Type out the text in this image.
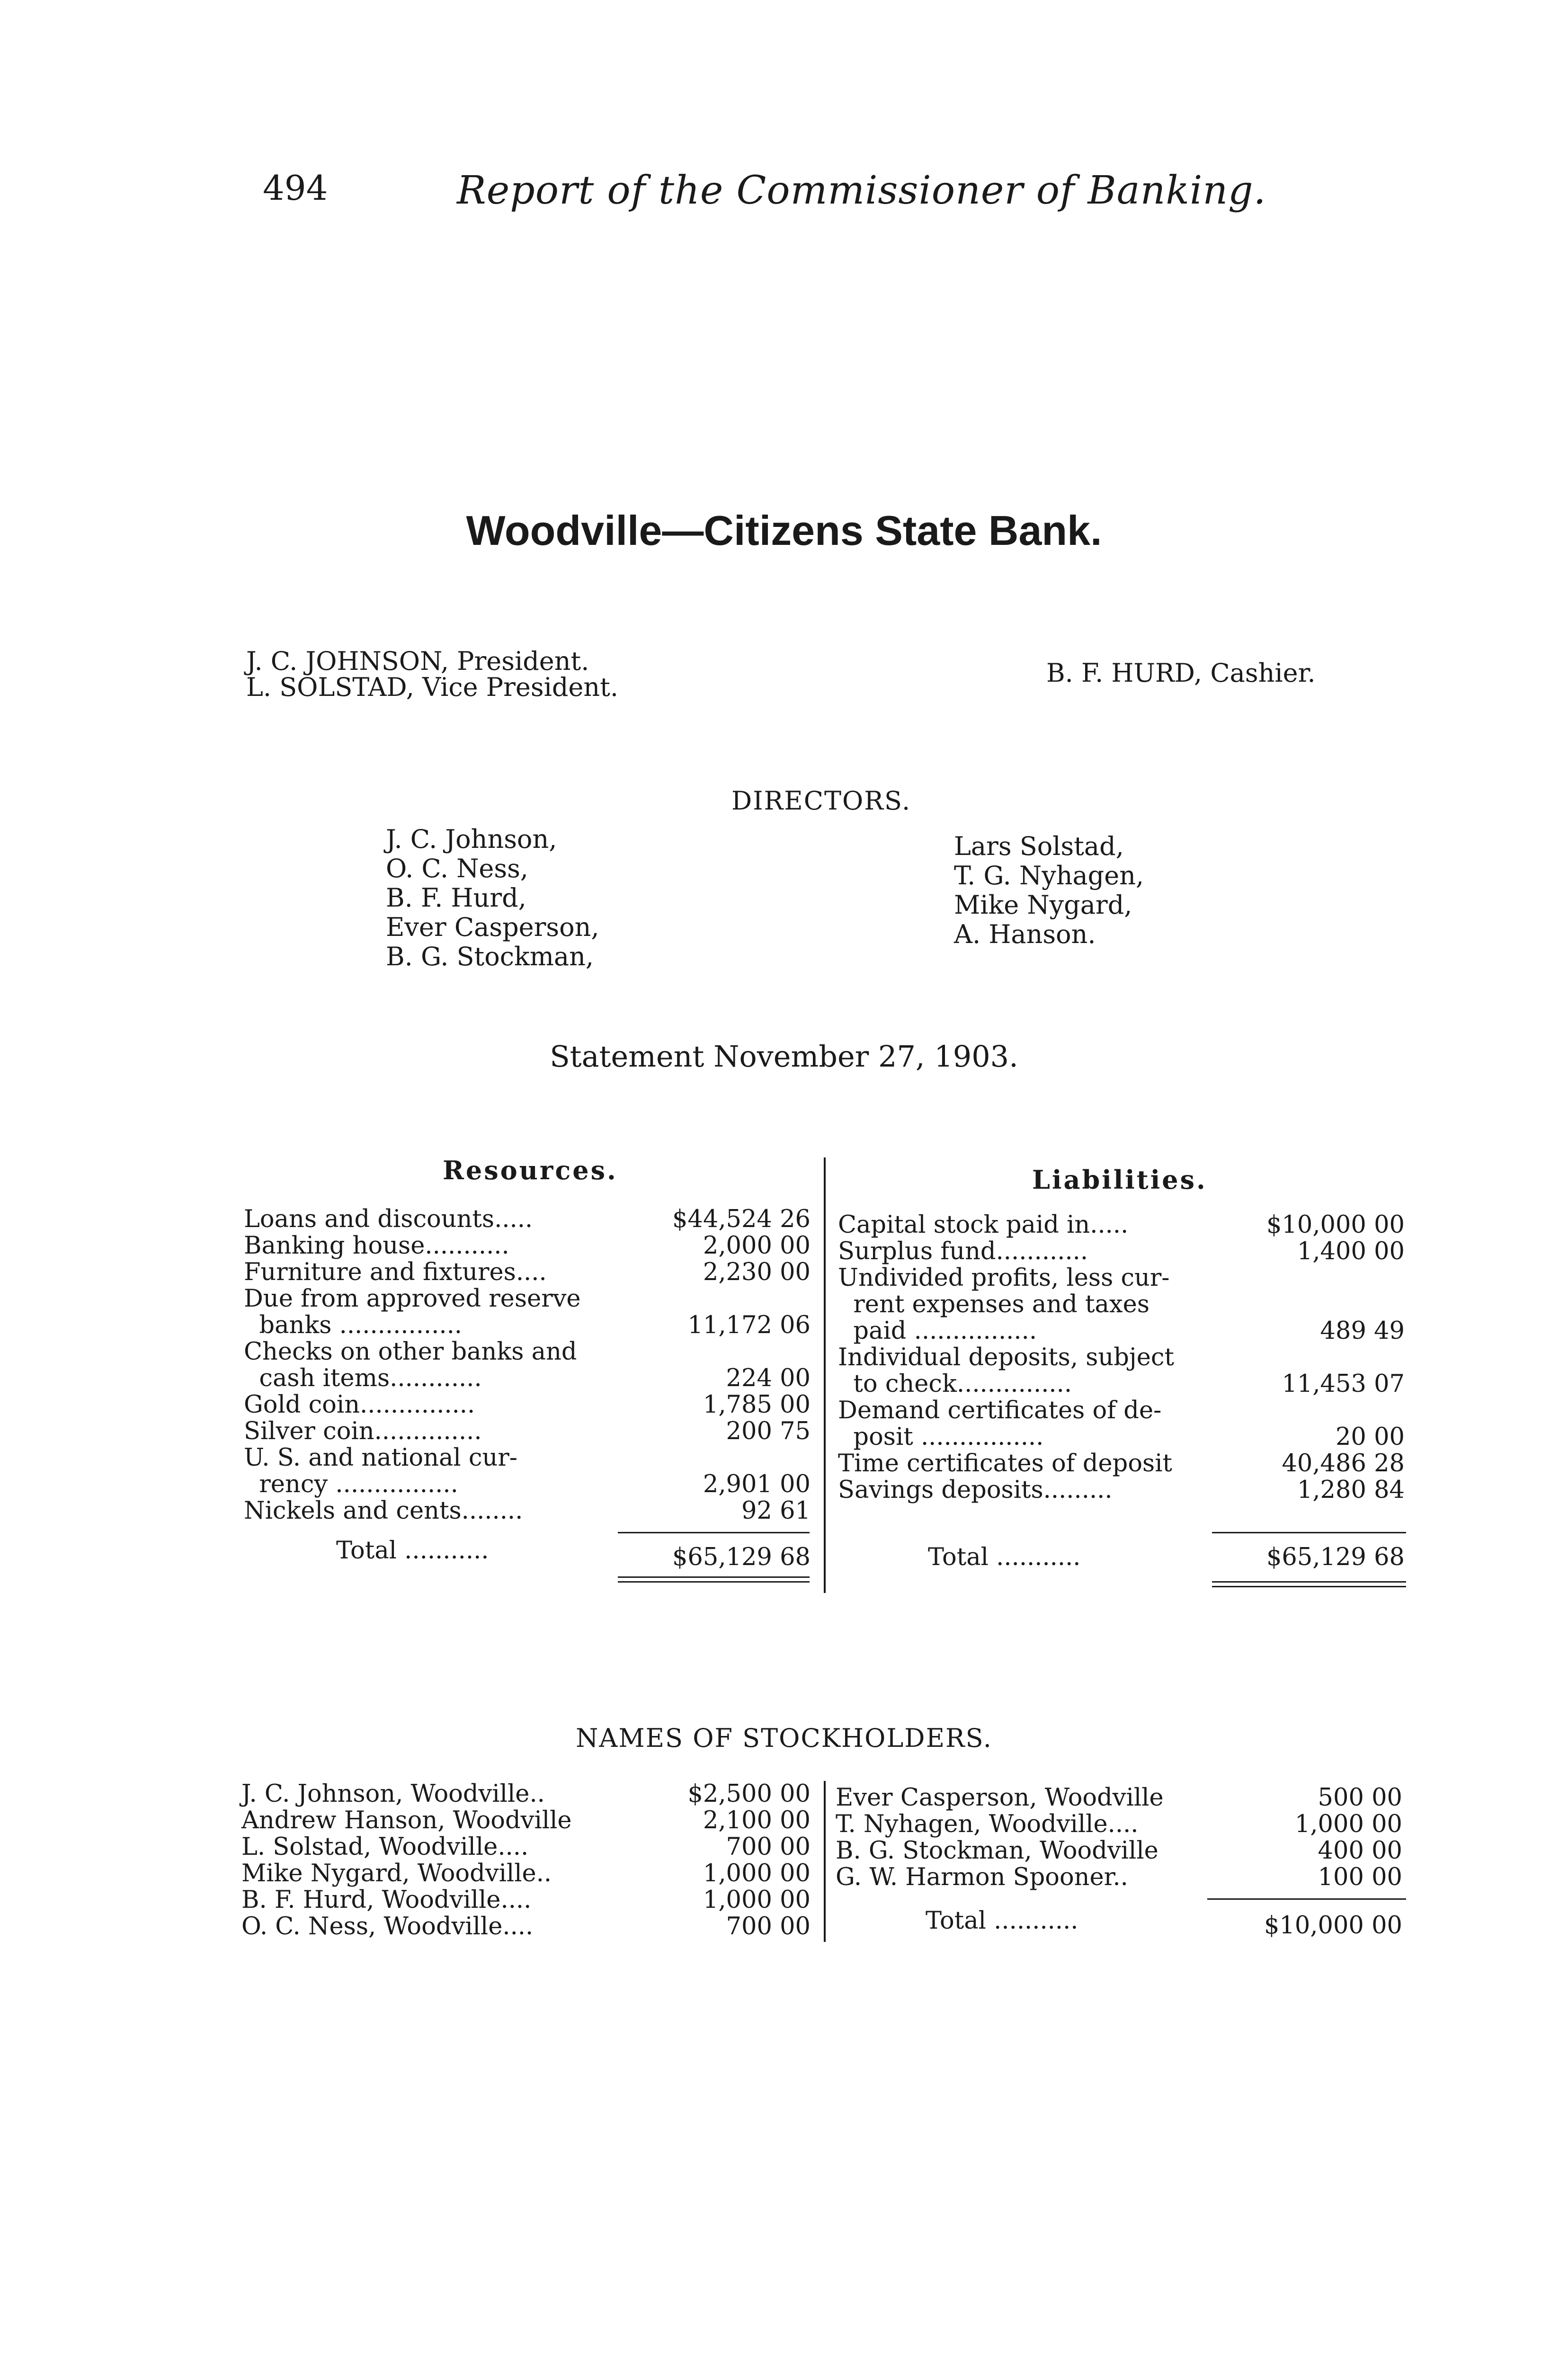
494	Report of the Commissioner of Banking.
Woodville—Citizens State Bank.
J. C. JOHNSON, President.
L. SOLSTAD, Vice President.	B. F. HURD, Cashier.
DIRECTORS.
J. C. Johnson,
O. C. Ness,
B. F. Hurd,
Ever Casperson,
B. G. Stockman,
Lars Solstad,
T. G. Nyhagen,
Mike Nygard,
A. Hanson.
Statement November 27, 1903.
Resources.	Liabilities.
Loans and discounts.....	$44,524 26
Banking house...........	2,000 00
Furniture and fixtures....	2,230 00
Due from approved reserve
banks ................	11,172 06
Checks on other banks and
cash items............	224 00
Gold coin...............	1,785 00
Silver coin..............	200 75
U. S. and national cur-
rency ................	2,901 00
Nickels and cents........	92 61
Total ...........	$65,129 68
Capital stock paid in.....	$10,000 00
Surplus fund............	1,400 00
Undivided profits, less cur-
rent expenses and taxes
paid ................	489 49
Individual deposits, subject
to check...............	11,453 07
Demand certificates of de-
posit ................	20 00
Time certificates of deposit	40,486 28
Savings deposits.........	1,280 84
Total ...........	$65,129 68
NAMES OF STOCKHOLDERS.
J. C. Johnson, Woodville..	$2,500 00
Andrew Hanson, Woodville	2,100 00
L. Solstad, Woodville....	700 00
Mike Nygard, Woodville..	1,000 00
B. F. Hurd, Woodville....	1,000 00
O. C. Ness, Woodville....	700 00
Ever Casperson, Woodville	500 00
T. Nyhagen, Woodville....	1,000 00
B. G. Stockman, Woodville	400 00
G. W. Harmon Spooner..	100 00
Total ...........	$10,000 00
